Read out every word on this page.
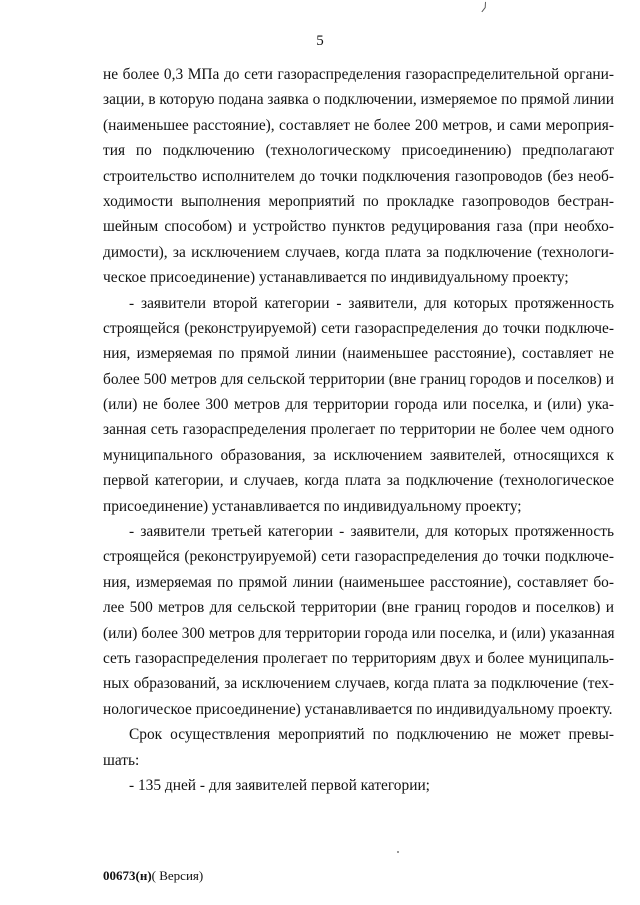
5
⟩
не более 0,3 МПа до сети газораспределения газораспределительной органи-
зации, в которую подана заявка о подключении, измеряемое по прямой линии
(наименьшее расстояние), составляет не более 200 метров, и сами мероприя-
тия по подключению (технологическому присоединению) предполагают
строительство исполнителем до точки подключения газопроводов (без необ-
ходимости выполнения мероприятий по прокладке газопроводов бестран-
шейным способом) и устройство пунктов редуцирования газа (при необхо-
димости), за исключением случаев, когда плата за подключение (технологи-
ческое присоединение) устанавливается по индивидуальному проекту;
- заявители второй категории - заявители, для которых протяженность
строящейся (реконструируемой) сети газораспределения до точки подключе-
ния, измеряемая по прямой линии (наименьшее расстояние), составляет не
более 500 метров для сельской территории (вне границ городов и поселков) и
(или) не более 300 метров для территории города или поселка, и (или) ука-
занная сеть газораспределения пролегает по территории не более чем одного
муниципального образования, за исключением заявителей, относящихся к
первой категории, и случаев, когда плата за подключение (технологическое
присоединение) устанавливается по индивидуальному проекту;
- заявители третьей категории - заявители, для которых протяженность
строящейся (реконструируемой) сети газораспределения до точки подключе-
ния, измеряемая по прямой линии (наименьшее расстояние), составляет бо-
лее 500 метров для сельской территории (вне границ городов и поселков) и
(или) более 300 метров для территории города или поселка, и (или) указанная
сеть газораспределения пролегает по территориям двух и более муниципаль-
ных образований, за исключением случаев, когда плата за подключение (тех-
нологическое присоединение) устанавливается по индивидуальному проекту.
Срок осуществления мероприятий по подключению не может превы-
шать:
- 135 дней - для заявителей первой категории;
00673(н)( Версия)
